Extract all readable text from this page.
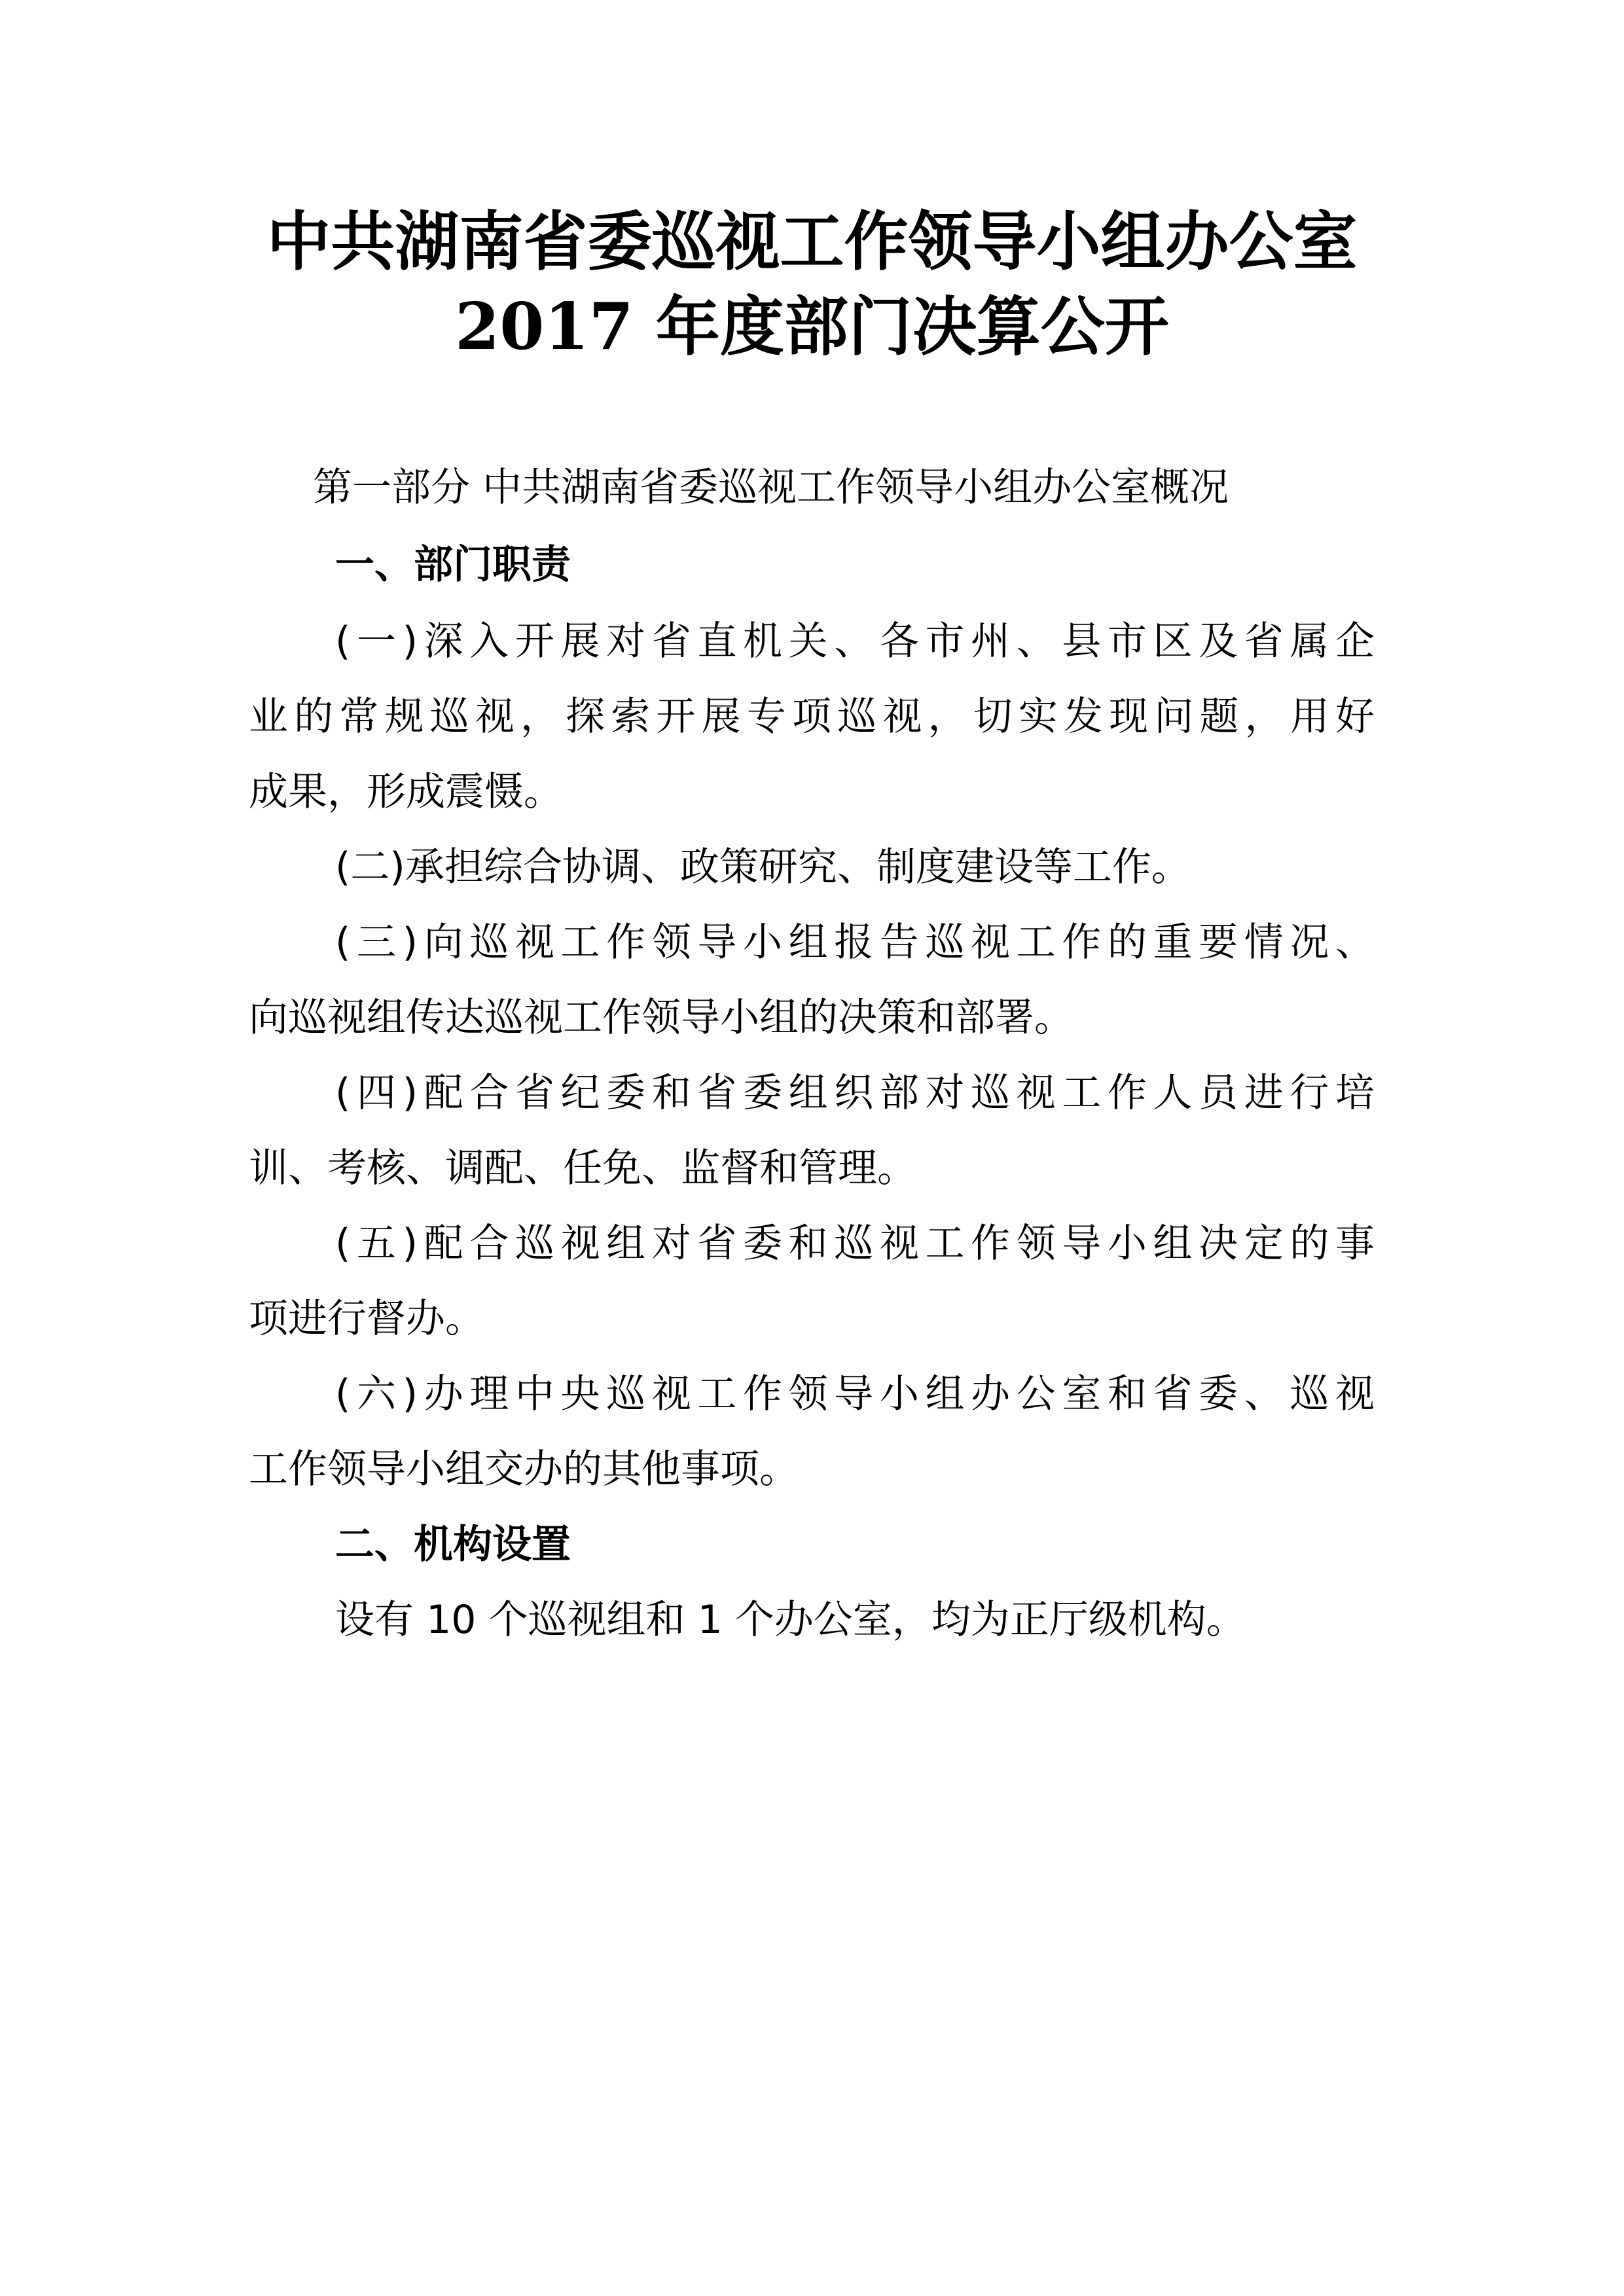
中共湖南省委巡视工作领导小组办公室
2017 年度部门决算公开
第一部分 中共湖南省委巡视工作领导小组办公室概况
一、部门职责
(一)深入开展对省直机关、各市州、县市区及省属企
业的常规巡视，探索开展专项巡视，切实发现问题，用好
成果，形成震慑。
(二)承担综合协调、政策研究、制度建设等工作。
(三)向巡视工作领导小组报告巡视工作的重要情况、
向巡视组传达巡视工作领导小组的决策和部署。
(四)配合省纪委和省委组织部对巡视工作人员进行培
训、考核、调配、任免、监督和管理。
(五)配合巡视组对省委和巡视工作领导小组决定的事
项进行督办。
(六)办理中央巡视工作领导小组办公室和省委、巡视
工作领导小组交办的其他事项。
二、机构设置
设有 10 个巡视组和 1 个办公室，均为正厅级机构。
